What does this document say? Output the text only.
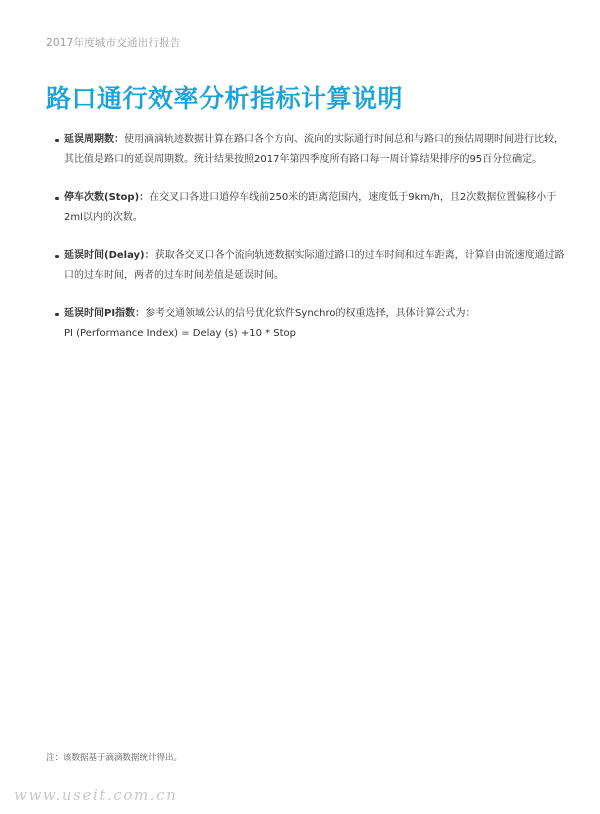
2017年度城市交通出行报告
路口通行效率分析指标计算说明
延误周期数：使用滴滴轨迹数据计算在路口各个方向、流向的实际通行时间总和与路口的预估周期时间进行比较，其比值是路口的延误周期数。统计结果按照2017年第四季度所有路口每一周计算结果排序的95百分位确定。
停车次数(Stop)：在交叉口各进口道停车线前250米的距离范围内，速度低于9km/h，且2次数据位置偏移小于2ml以内的次数。
延误时间(Delay)：获取各交叉口各个流向轨迹数据实际通过路口的过车时间和过车距离，计算自由流速度通过路口的过车时间，两者的过车时间差值是延误时间。
延误时间PI指数：参考交通领域公认的信号优化软件Synchro的权重选择，具体计算公式为：
PI (Performance Index) = Delay (s) +10 * Stop
注：该数据基于滴滴数据统计得出。
www.useit.com.cn
